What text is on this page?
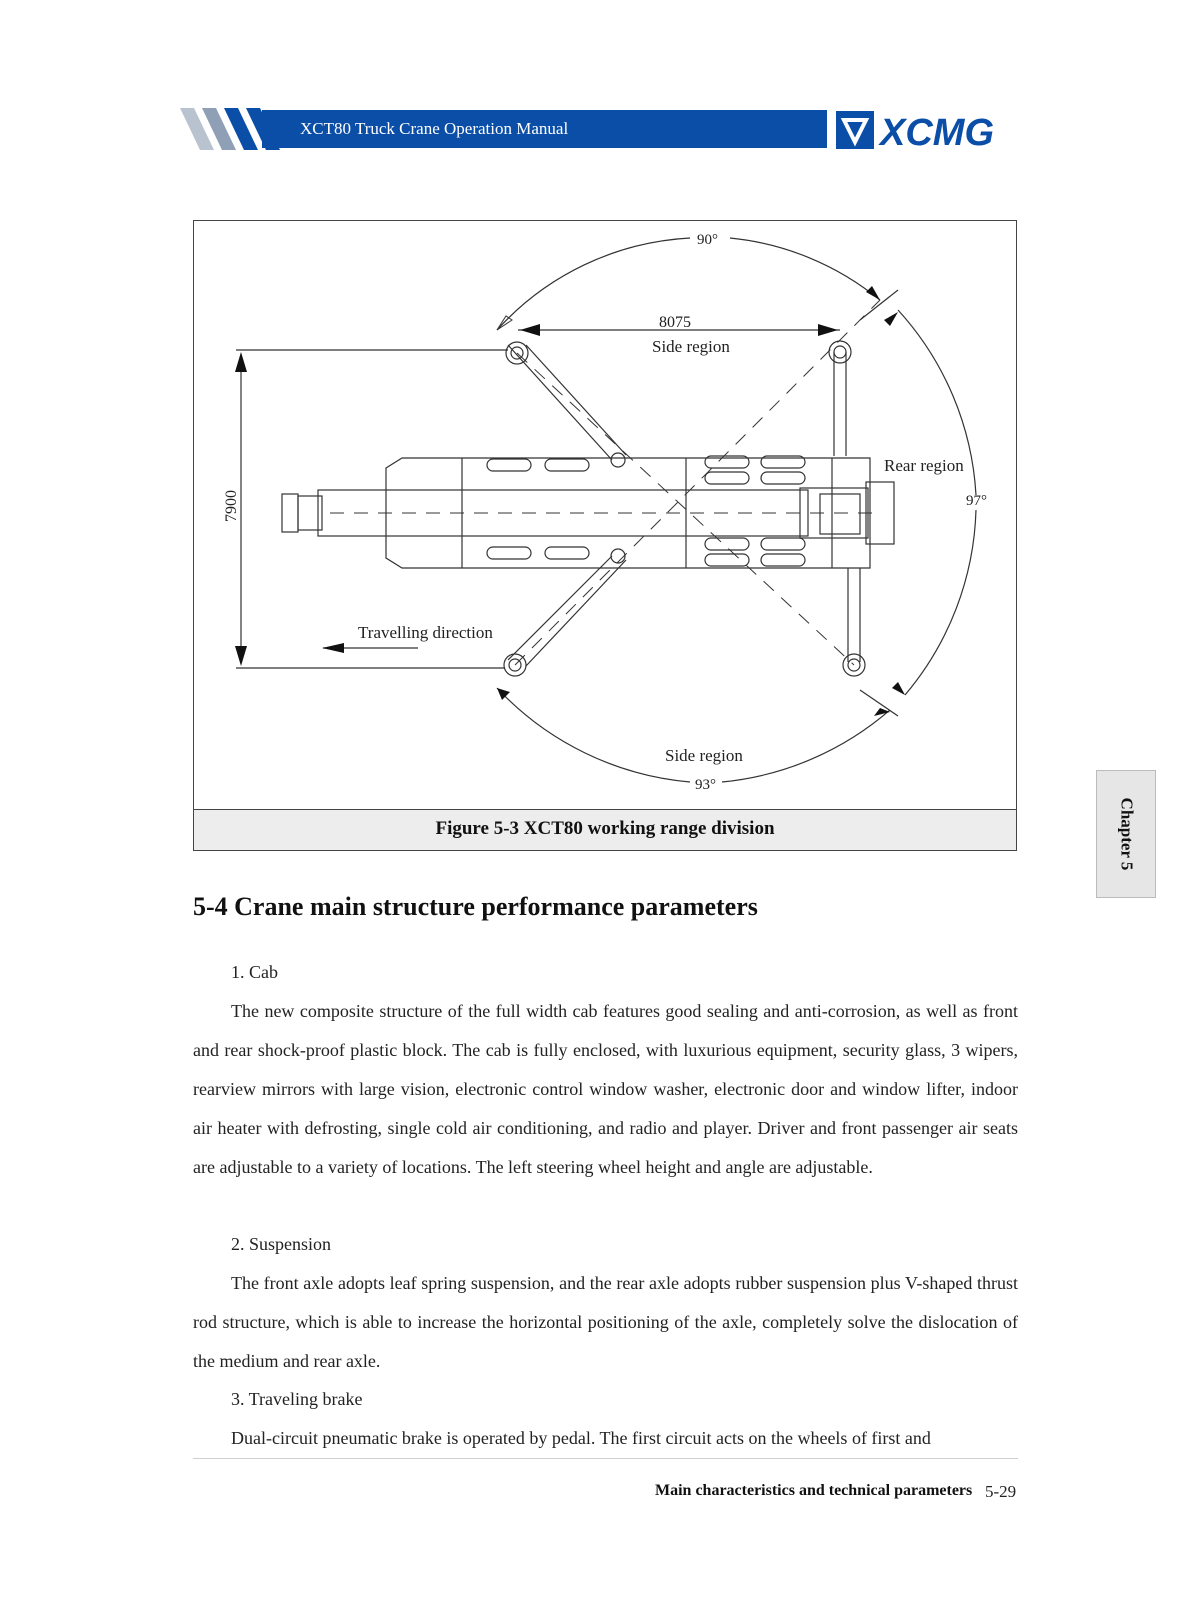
XCT80 Truck Crane Operation Manual	XCMG
90°
97°
93°
8075
7900
Side region
Rear region
Side region
Travelling direction
Figure 5-3 XCT80 working range division	Chapter 5
5-4 Crane main structure performance parameters
1. Cab
The new composite structure of the full width cab features good sealing and anti-corrosion, as well as front and rear shock-proof plastic block. The cab is fully enclosed, with luxurious equipment, security glass, 3 wipers, rearview mirrors with large vision, electronic control window washer, electronic door and window lifter, indoor air heater with defrosting, single cold air conditioning, and radio and player. Driver and front passenger air seats are adjustable to a variety of locations. The left steering wheel height and angle are adjustable.
2. Suspension
The front axle adopts leaf spring suspension, and the rear axle adopts rubber suspension plus V-shaped thrust rod structure, which is able to increase the horizontal positioning of the axle, completely solve the dislocation of the medium and rear axle.
3. Traveling brake
Dual-circuit pneumatic brake is operated by pedal. The first circuit acts on the wheels of first and
Main characteristics and technical parameters 5-29
